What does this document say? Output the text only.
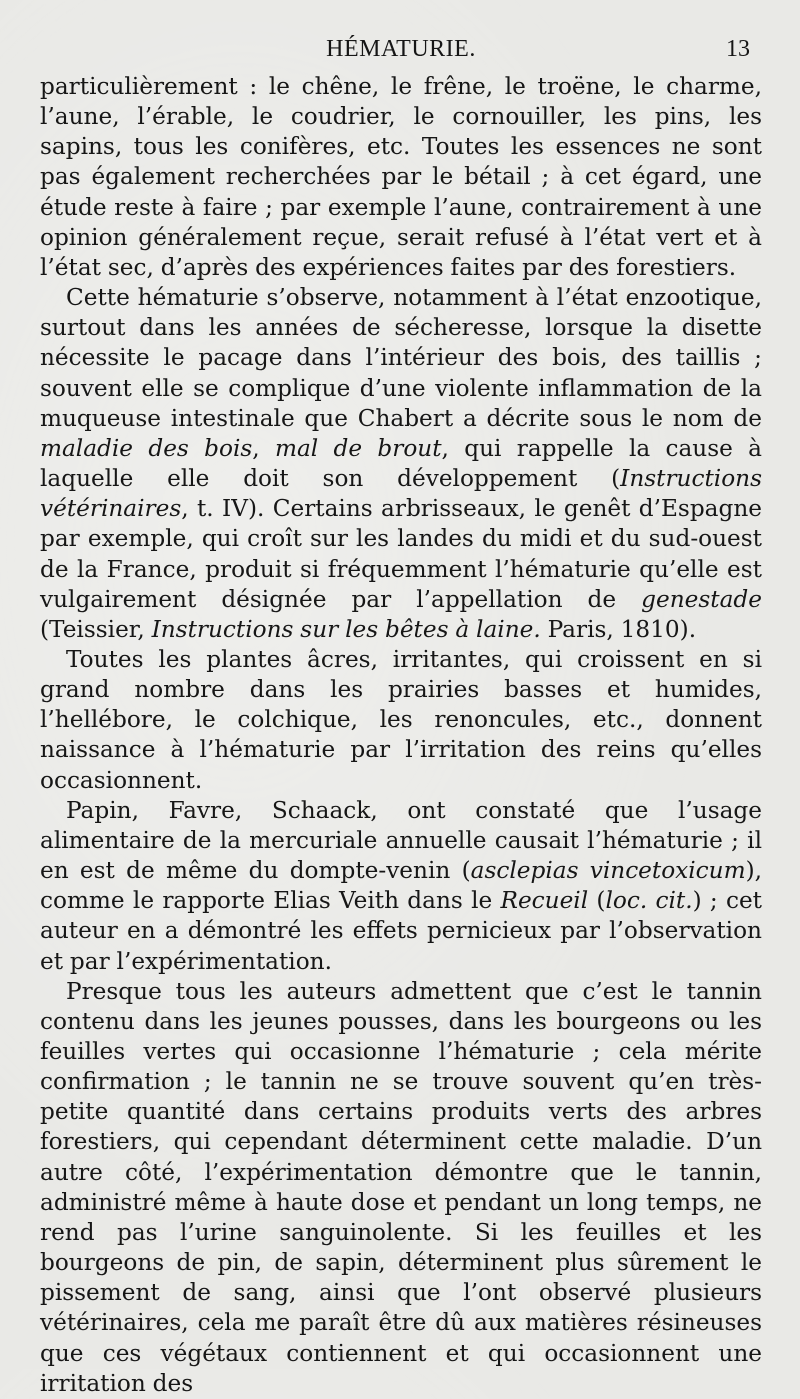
HÉMATURIE.	13

particulièrement : le chêne, le frêne, le troëne, le charme, l’aune, l’érable, le coudrier, le cornouiller, les pins, les sapins, tous les conifères, etc. Toutes les essences ne sont pas également recherchées par le bétail ; à cet égard, une étude reste à faire ; par exemple l’aune, contrairement à une opinion généralement reçue, serait refusé à l’état vert et à l’état sec, d’après des expériences faites par des forestiers.

Cette hématurie s’observe, notamment à l’état enzootique, surtout dans les années de sécheresse, lorsque la disette nécessite le pacage dans l’intérieur des bois, des taillis ; souvent elle se complique d’une violente inflammation de la muqueuse intestinale que Chabert a décrite sous le nom de maladie des bois, mal de brout, qui rappelle la cause à laquelle elle doit son développement (Instructions vétérinaires, t. IV). Certains arbrisseaux, le genêt d’Espagne par exemple, qui croît sur les landes du midi et du sud-ouest de la France, produit si fréquemment l’hématurie qu’elle est vulgairement désignée par l’appellation de genestade (Teissier, Instructions sur les bêtes à laine. Paris, 1810).

Toutes les plantes âcres, irritantes, qui croissent en si grand nombre dans les prairies basses et humides, l’hellébore, le colchique, les renoncules, etc., donnent naissance à l’hématurie par l’irritation des reins qu’elles occasionnent.

Papin, Favre, Schaack, ont constaté que l’usage alimentaire de la mercuriale annuelle causait l’hématurie ; il en est de même du dompte-venin (asclepias vincetoxicum), comme le rapporte Elias Veith dans le Recueil (loc. cit.) ; cet auteur en a démontré les effets pernicieux par l’observation et par l’expérimentation.

Presque tous les auteurs admettent que c’est le tannin contenu dans les jeunes pousses, dans les bourgeons ou les feuilles vertes qui occasionne l’hématurie ; cela mérite confirmation ; le tannin ne se trouve souvent qu’en très-petite quantité dans certains produits verts des arbres forestiers, qui cependant déterminent cette maladie. D’un autre côté, l’expérimentation démontre que le tannin, administré même à haute dose et pendant un long temps, ne rend pas l’urine sanguinolente. Si les feuilles et les bourgeons de pin, de sapin, déterminent plus sûrement le pissement de sang, ainsi que l’ont observé plusieurs vétérinaires, cela me paraît être dû aux matières résineuses que ces végétaux contiennent et qui occasionnent une irritation des
